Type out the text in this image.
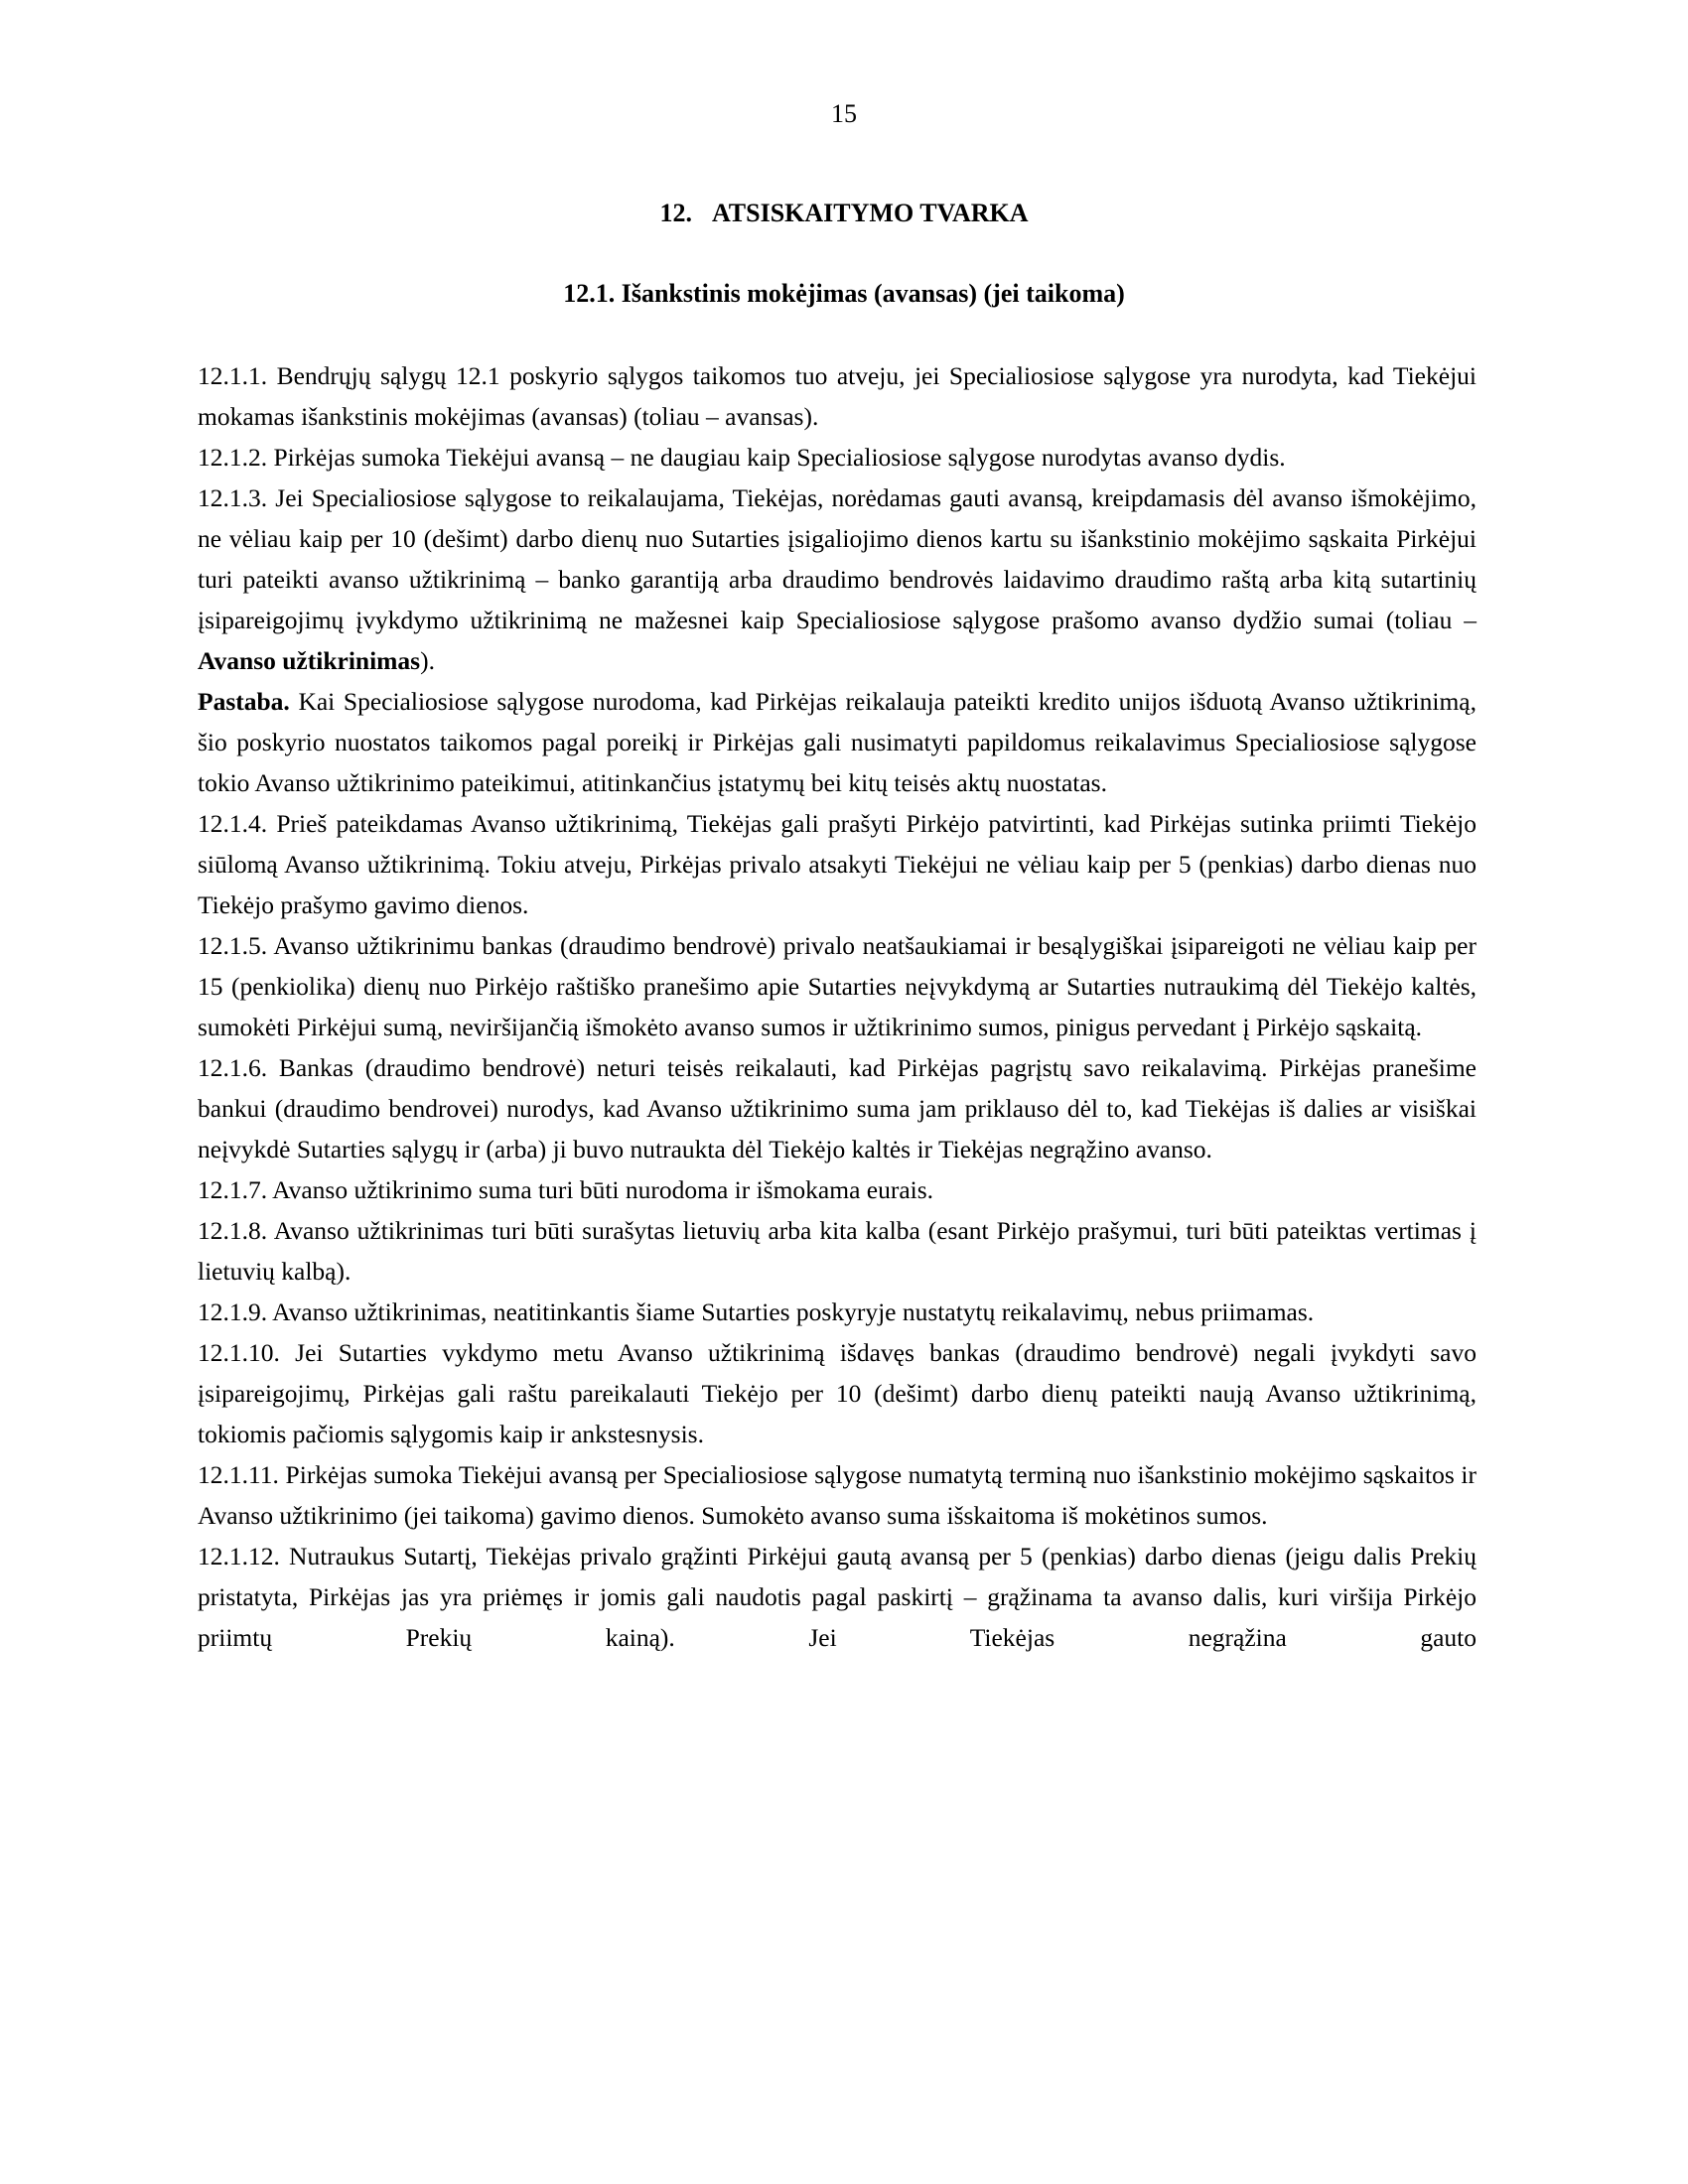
15
12. ATSISKAITYMO TVARKA
12.1. Išankstinis mokėjimas (avansas) (jei taikoma)

12.1.1. Bendrųjų sąlygų 12.1 poskyrio sąlygos taikomos tuo atveju, jei Specialiosiose sąlygose yra nurodyta, kad Tiekėjui mokamas išankstinis mokėjimas (avansas) (toliau – avansas).

12.1.2. Pirkėjas sumoka Tiekėjui avansą – ne daugiau kaip Specialiosiose sąlygose nurodytas avanso dydis.

12.1.3. Jei Specialiosiose sąlygose to reikalaujama, Tiekėjas, norėdamas gauti avansą, kreipdamasis dėl avanso išmokėjimo, ne vėliau kaip per 10 (dešimt) darbo dienų nuo Sutarties įsigaliojimo dienos kartu su išankstinio mokėjimo sąskaita Pirkėjui turi pateikti avanso užtikrinimą – banko garantiją arba draudimo bendrovės laidavimo draudimo raštą arba kitą sutartinių įsipareigojimų įvykdymo užtikrinimą ne mažesnei kaip Specialiosiose sąlygose prašomo avanso dydžio sumai (toliau – Avanso užtikrinimas).

Pastaba. Kai Specialiosiose sąlygose nurodoma, kad Pirkėjas reikalauja pateikti kredito unijos išduotą Avanso užtikrinimą, šio poskyrio nuostatos taikomos pagal poreikį ir Pirkėjas gali nusimatyti papildomus reikalavimus Specialiosiose sąlygose tokio Avanso užtikrinimo pateikimui, atitinkančius įstatymų bei kitų teisės aktų nuostatas.

12.1.4. Prieš pateikdamas Avanso užtikrinimą, Tiekėjas gali prašyti Pirkėjo patvirtinti, kad Pirkėjas sutinka priimti Tiekėjo siūlomą Avanso užtikrinimą. Tokiu atveju, Pirkėjas privalo atsakyti Tiekėjui ne vėliau kaip per 5 (penkias) darbo dienas nuo Tiekėjo prašymo gavimo dienos.

12.1.5. Avanso užtikrinimu bankas (draudimo bendrovė) privalo neatšaukiamai ir besąlygiškai įsipareigoti ne vėliau kaip per 15 (penkiolika) dienų nuo Pirkėjo raštiško pranešimo apie Sutarties neįvykdymą ar Sutarties nutraukimą dėl Tiekėjo kaltės, sumokėti Pirkėjui sumą, neviršijančią išmokėto avanso sumos ir užtikrinimo sumos, pinigus pervedant į Pirkėjo sąskaitą.

12.1.6. Bankas (draudimo bendrovė) neturi teisės reikalauti, kad Pirkėjas pagrįstų savo reikalavimą. Pirkėjas pranešime bankui (draudimo bendrovei) nurodys, kad Avanso užtikrinimo suma jam priklauso dėl to, kad Tiekėjas iš dalies ar visiškai neįvykdė Sutarties sąlygų ir (arba) ji buvo nutraukta dėl Tiekėjo kaltės ir Tiekėjas negrąžino avanso.

12.1.7. Avanso užtikrinimo suma turi būti nurodoma ir išmokama eurais.

12.1.8. Avanso užtikrinimas turi būti surašytas lietuvių arba kita kalba (esant Pirkėjo prašymui, turi būti pateiktas vertimas į lietuvių kalbą).

12.1.9. Avanso užtikrinimas, neatitinkantis šiame Sutarties poskyryje nustatytų reikalavimų, nebus priimamas.

12.1.10. Jei Sutarties vykdymo metu Avanso užtikrinimą išdavęs bankas (draudimo bendrovė) negali įvykdyti savo įsipareigojimų, Pirkėjas gali raštu pareikalauti Tiekėjo per 10 (dešimt) darbo dienų pateikti naują Avanso užtikrinimą, tokiomis pačiomis sąlygomis kaip ir ankstesnysis.

12.1.11. Pirkėjas sumoka Tiekėjui avansą per Specialiosiose sąlygose numatytą terminą nuo išankstinio mokėjimo sąskaitos ir Avanso užtikrinimo (jei taikoma) gavimo dienos. Sumokėto avanso suma išskaitoma iš mokėtinos sumos.

12.1.12. Nutraukus Sutartį, Tiekėjas privalo grąžinti Pirkėjui gautą avansą per 5 (penkias) darbo dienas (jeigu dalis Prekių pristatyta, Pirkėjas jas yra priėmęs ir jomis gali naudotis pagal paskirtį – grąžinama ta avanso dalis, kuri viršija Pirkėjo priimtų Prekių kainą). Jei Tiekėjas negrąžina gauto
